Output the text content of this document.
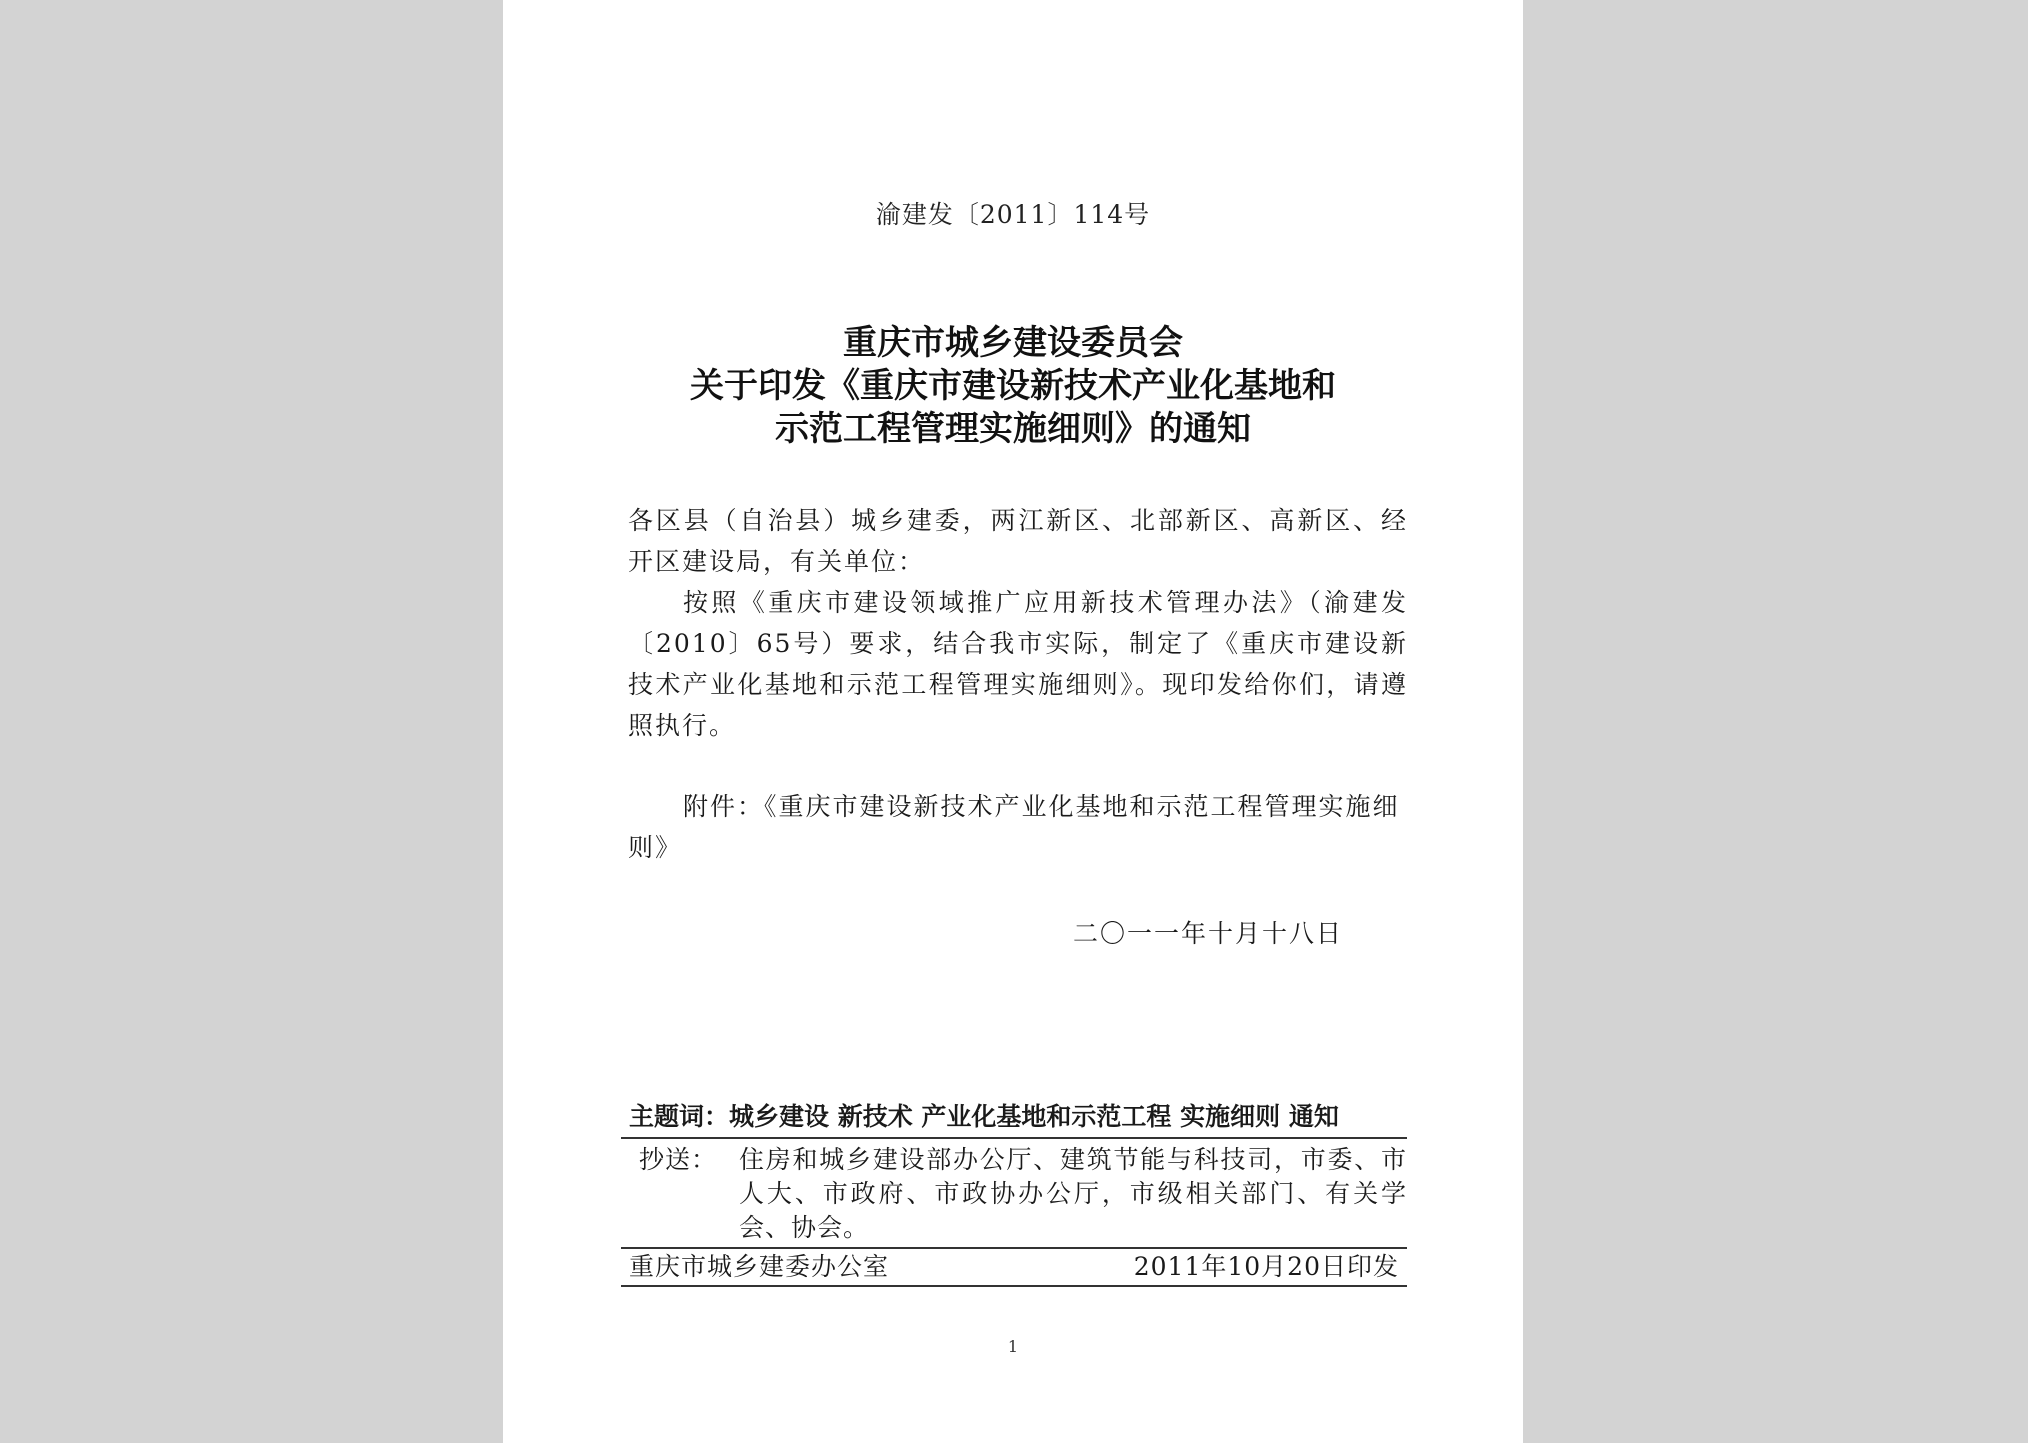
渝建发〔2011〕114号
重庆市城乡建设委员会
关于印发《重庆市建设新技术产业化基地和
示范工程管理实施细则》的通知

各区县（自治县）城乡建委，两江新区、北部新区、高新区、经开区建设局，有关单位：

按照《重庆市建设领域推广应用新技术管理办法》（渝建发〔2010〕65号）要求，结合我市实际，制定了《重庆市建设新技术产业化基地和示范工程管理实施细则》。现印发给你们，请遵照执行。

附件：《重庆市建设新技术产业化基地和示范工程管理实施细则》

二〇一一年十月十八日
主题词：城乡建设 新技术 产业化基地和示范工程 实施细则 通知
抄送： 住房和城乡建设部办公厅、建筑节能与科技司，市委、市人大、市政府、市政协办公厅，市级相关部门、有关学会、协会。
重庆市城乡建委办公室	2011年10月20日印发
1
